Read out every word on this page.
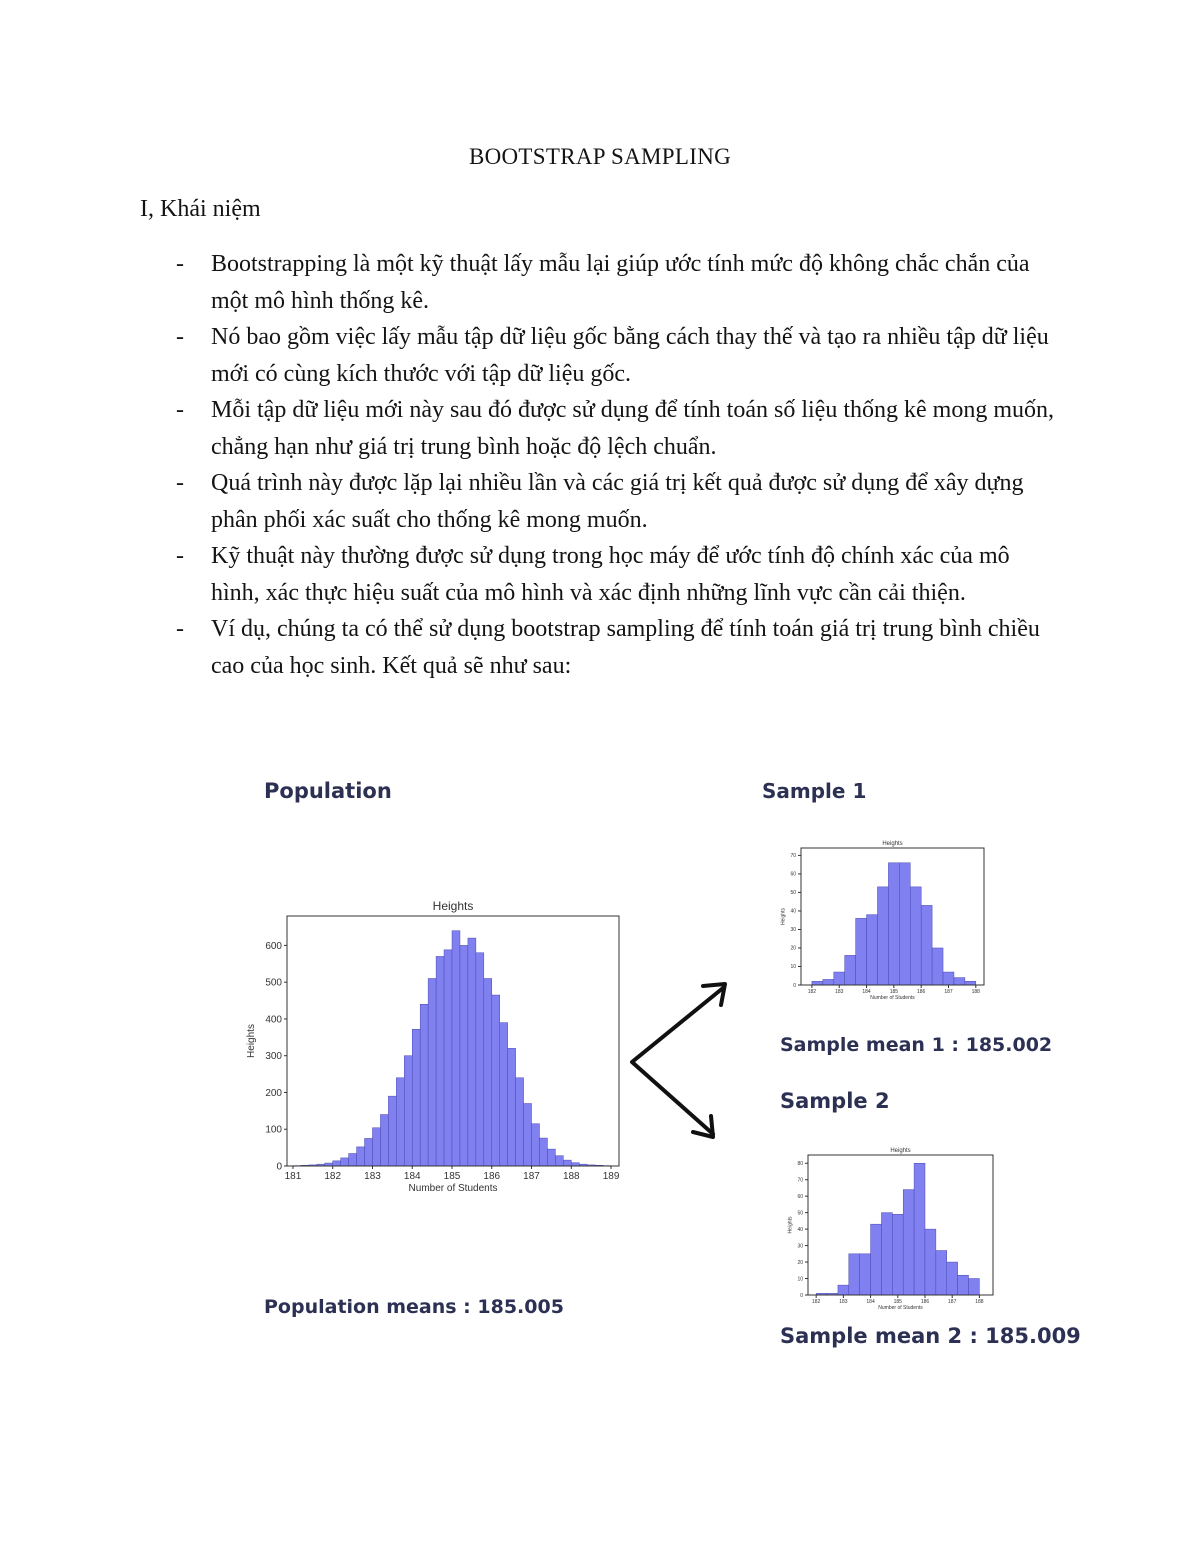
BOOTSTRAP SAMPLING
I, Khái niệm
- Bootstrapping là một kỹ thuật lấy mẫu lại giúp ước tính mức độ không chắc chắn của một mô hình thống kê.
- Nó bao gồm việc lấy mẫu tập dữ liệu gốc bằng cách thay thế và tạo ra nhiều tập dữ liệu mới có cùng kích thước với tập dữ liệu gốc.
- Mỗi tập dữ liệu mới này sau đó được sử dụng để tính toán số liệu thống kê mong muốn, chẳng hạn như giá trị trung bình hoặc độ lệch chuẩn.
- Quá trình này được lặp lại nhiều lần và các giá trị kết quả được sử dụng để xây dựng phân phối xác suất cho thống kê mong muốn.
- Kỹ thuật này thường được sử dụng trong học máy để ước tính độ chính xác của mô hình, xác thực hiệu suất của mô hình và xác định những lĩnh vực cần cải thiện.
- Ví dụ, chúng ta có thể sử dụng bootstrap sampling để tính toán giá trị trung bình chiều cao của học sinh. Kết quả sẽ như sau:
Population	Sample 1
Sample mean 1 : 185.002
Sample 2
Population means : 185.005
Sample mean 2 : 185.009
181 182 183 184 185 186 187 188 189
0
100
200
300
400
500
600
Heights
Number of Students
Heights
182	183	184	185	186	187	188
0
10
20
30
40
50
60
70
Heights
Number of Students
Heights
182	183	184	185	186	187	188
0
10
20
30
40
50
60
70
80
Heights
Number of Students
Heights
